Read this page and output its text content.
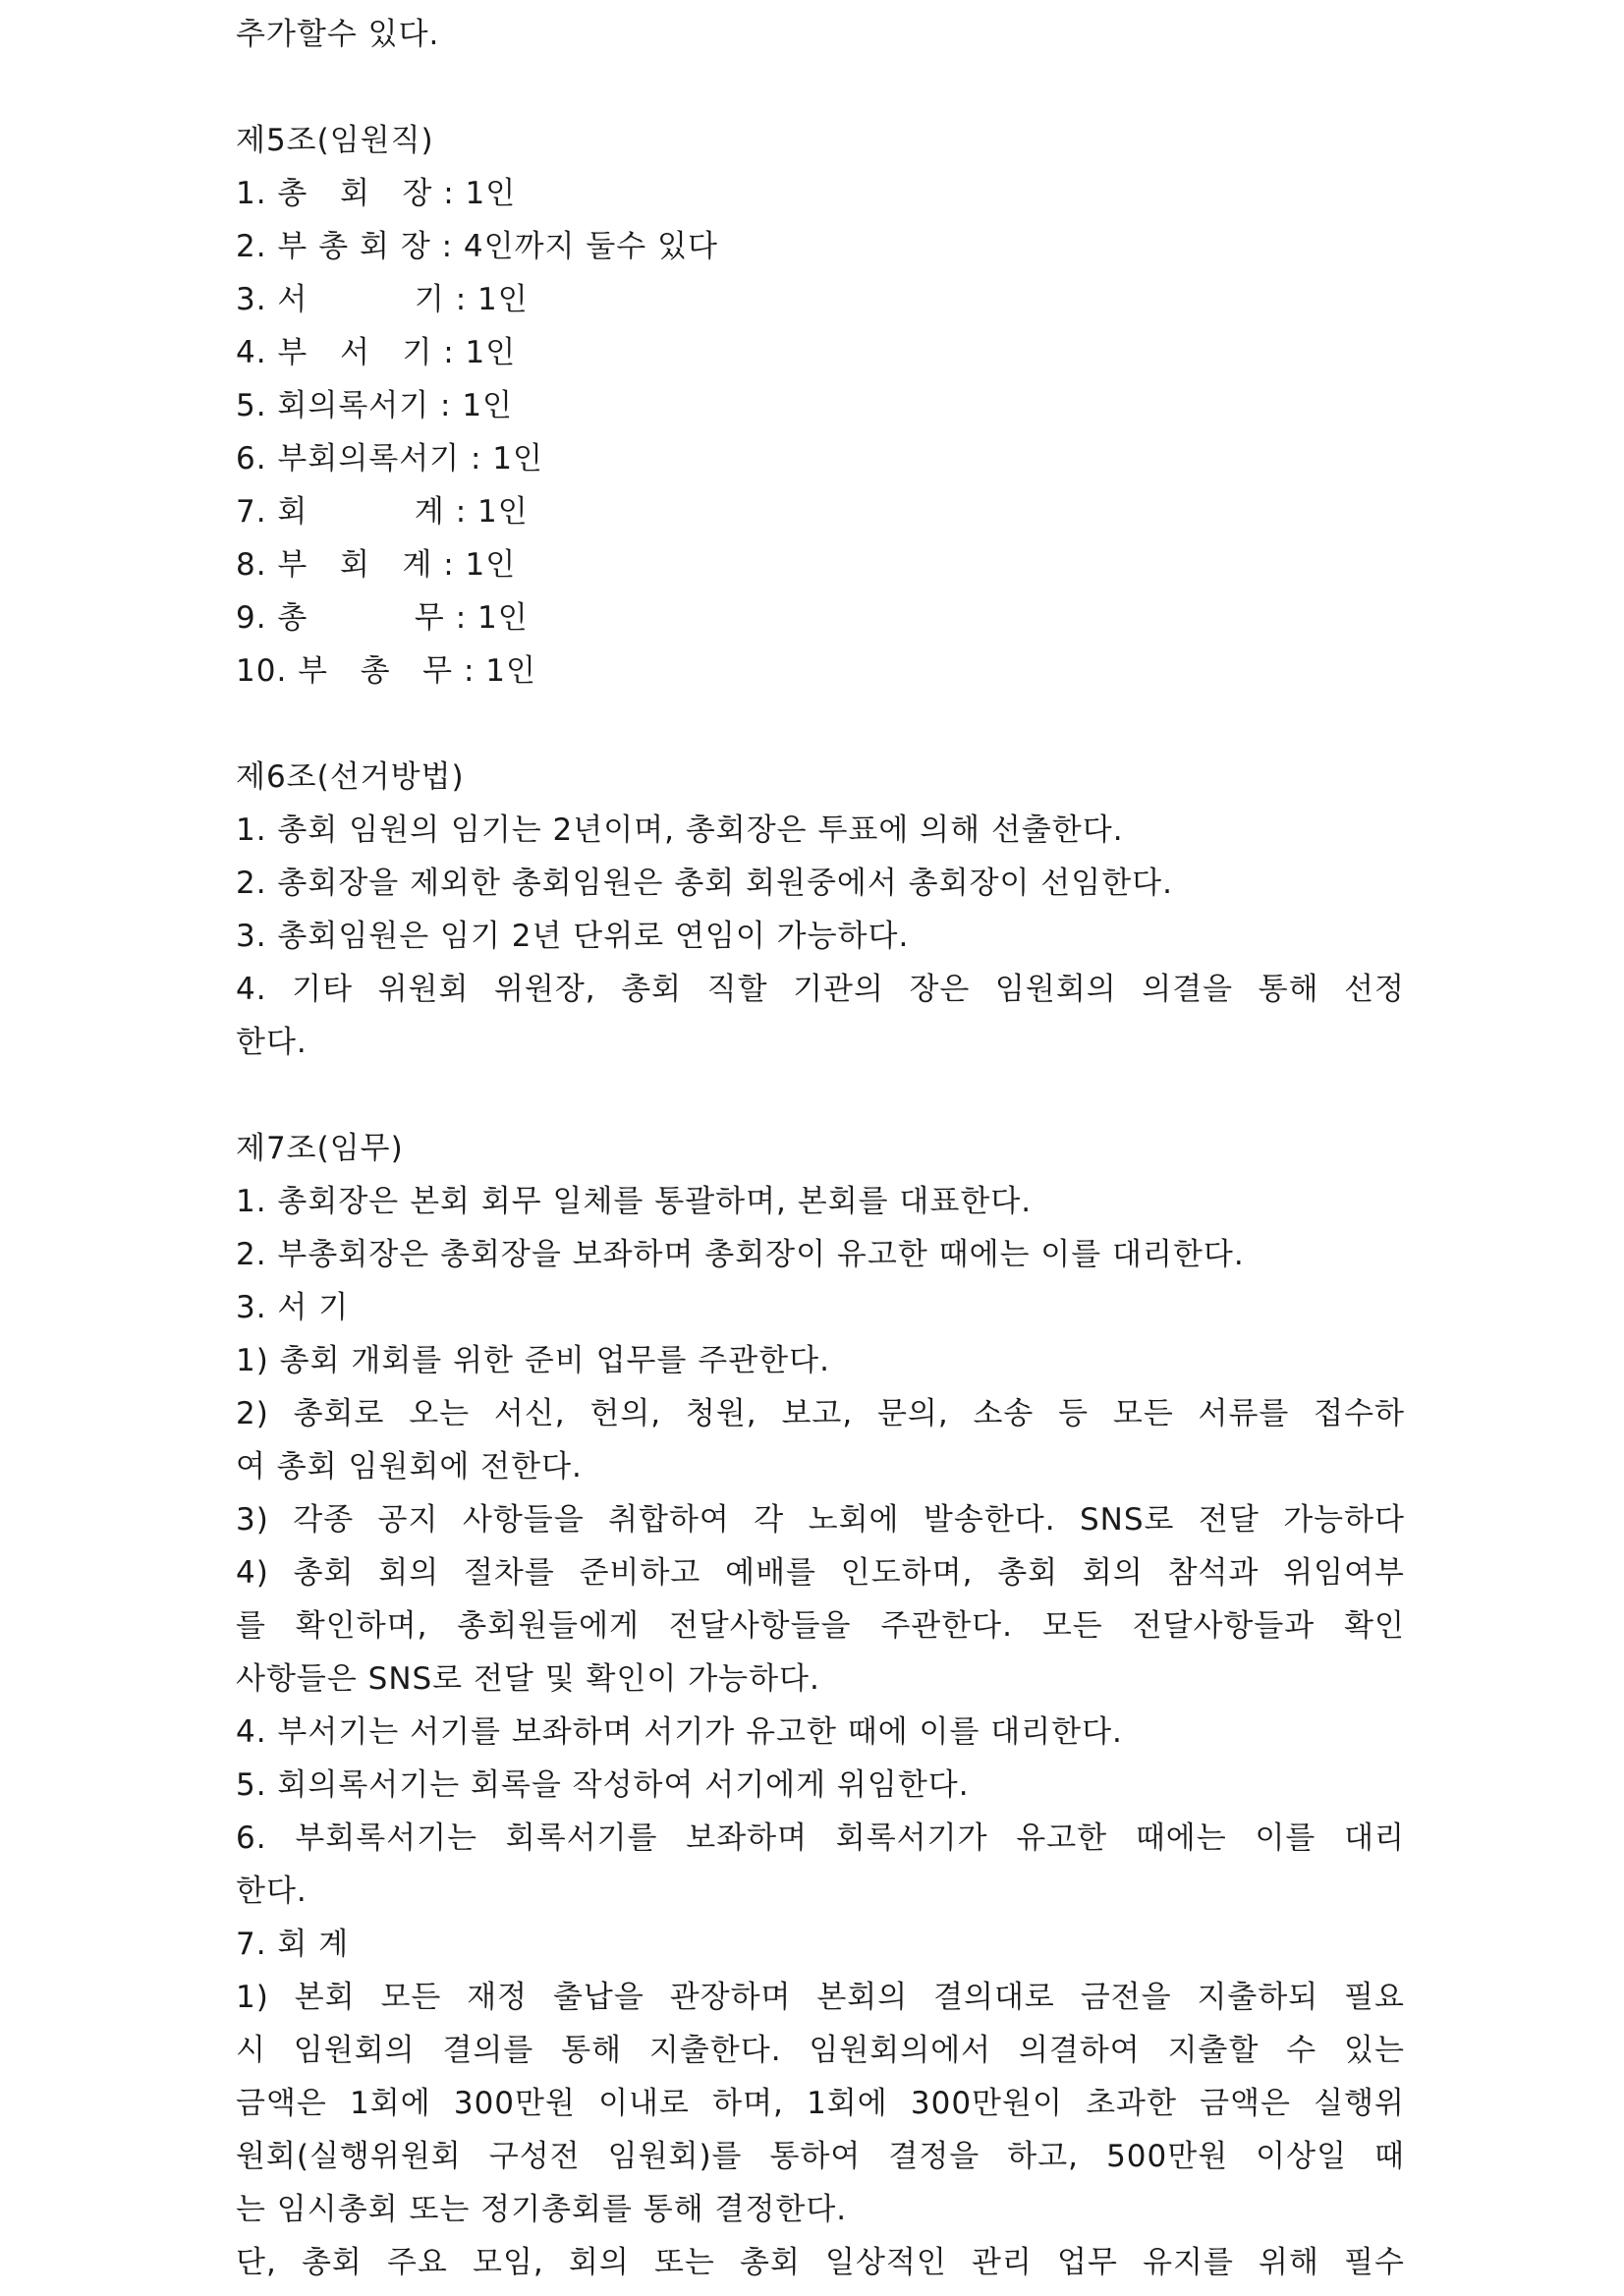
추가할수 있다.
제5조(임원직)
1. 총   회   장 : 1인
2. 부 총 회 장 : 4인까지 둘수 있다
3. 서          기 : 1인
4. 부   서   기 : 1인
5. 회의록서기 : 1인
6. 부회의록서기 : 1인
7. 회          계 : 1인
8. 부   회   계 : 1인
9. 총          무 : 1인
10. 부   총   무 : 1인
제6조(선거방법)
1. 총회 임원의 임기는 2년이며, 총회장은 투표에 의해 선출한다.
2. 총회장을 제외한 총회임원은 총회 회원중에서 총회장이 선임한다.
3. 총회임원은 임기 2년 단위로 연임이 가능하다.
4. 기타 위원회 위원장, 총회 직할 기관의 장은 임원회의 의결을 통해 선정
한다.
제7조(임무)
1. 총회장은 본회 회무 일체를 통괄하며, 본회를 대표한다.
2. 부총회장은 총회장을 보좌하며 총회장이 유고한 때에는 이를 대리한다.
3. 서 기
1) 총회 개회를 위한 준비 업무를 주관한다.
2) 총회로 오는 서신, 헌의, 청원, 보고, 문의, 소송 등 모든 서류를 접수하
여 총회 임원회에 전한다.
3) 각종 공지 사항들을 취합하여 각 노회에 발송한다. SNS로 전달 가능하다
4) 총회 회의 절차를 준비하고 예배를 인도하며, 총회 회의 참석과 위임여부
를 확인하며, 총회원들에게 전달사항들을 주관한다. 모든 전달사항들과 확인
사항들은 SNS로 전달 및 확인이 가능하다.
4. 부서기는 서기를 보좌하며 서기가 유고한 때에 이를 대리한다.
5. 회의록서기는 회록을 작성하여 서기에게 위임한다.
6. 부회록서기는 회록서기를 보좌하며 회록서기가 유고한 때에는 이를 대리
한다.
7. 회 계
1) 본회 모든 재정 출납을 관장하며 본회의 결의대로 금전을 지출하되 필요
시 임원회의 결의를 통해 지출한다. 임원회의에서 의결하여 지출할 수 있는
금액은 1회에 300만원 이내로 하며, 1회에 300만원이 초과한 금액은 실행위
원회(실행위원회 구성전 임원회)를 통하여 결정을 하고, 500만원 이상일 때
는 임시총회 또는 정기총회를 통해 결정한다.
단, 총회 주요 모임, 회의 또는 총회 일상적인 관리 업무 유지를 위해 필수
